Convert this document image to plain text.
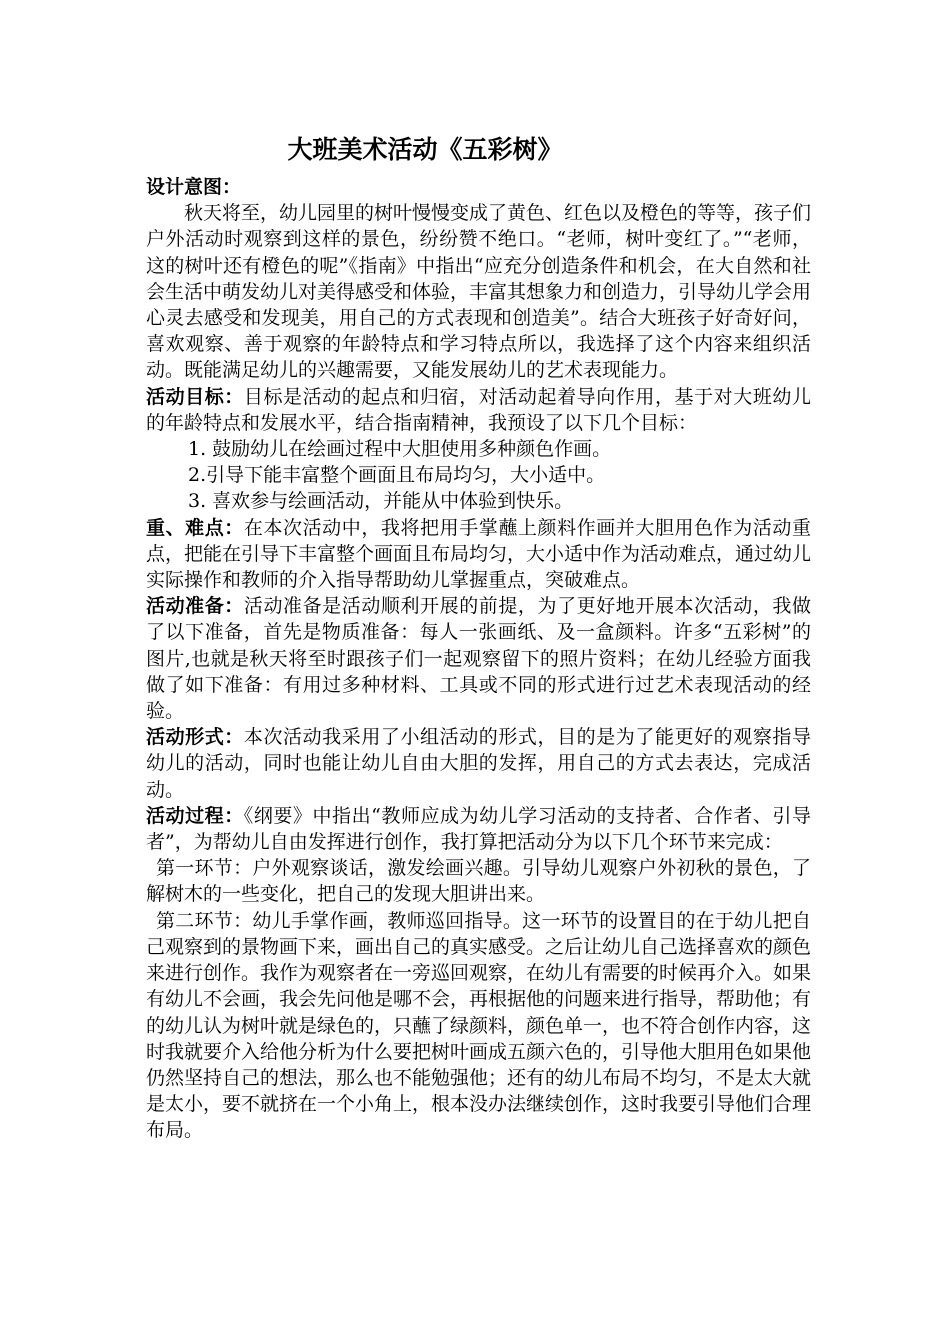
大班美术活动《五彩树》

设计意图：

秋天将至，幼儿园里的树叶慢慢变成了黄色、红色以及橙色的等等，孩子们户外活动时观察到这样的景色，纷纷赞不绝口。“老师，树叶变红了。”“老师，这的树叶还有橙色的呢”《指南》中指出“应充分创造条件和机会，在大自然和社会生活中萌发幼儿对美得感受和体验，丰富其想象力和创造力，引导幼儿学会用心灵去感受和发现美，用自己的方式表现和创造美”。结合大班孩子好奇好问，喜欢观察、善于观察的年龄特点和学习特点所以，我选择了这个内容来组织活动。既能满足幼儿的兴趣需要，又能发展幼儿的艺术表现能力。

活动目标：目标是活动的起点和归宿，对活动起着导向作用，基于对大班幼儿的年龄特点和发展水平，结合指南精神，我预设了以下几个目标：

1. 鼓励幼儿在绘画过程中大胆使用多种颜色作画。

2.引导下能丰富整个画面且布局均匀，大小适中。

3. 喜欢参与绘画活动，并能从中体验到快乐。

重、难点：在本次活动中，我将把用手掌蘸上颜料作画并大胆用色作为活动重点，把能在引导下丰富整个画面且布局均匀，大小适中作为活动难点，通过幼儿实际操作和教师的介入指导帮助幼儿掌握重点，突破难点。

活动准备：活动准备是活动顺利开展的前提，为了更好地开展本次活动，我做了以下准备，首先是物质准备：每人一张画纸、及一盒颜料。许多“五彩树”的图片,也就是秋天将至时跟孩子们一起观察留下的照片资料；在幼儿经验方面我做了如下准备：有用过多种材料、工具或不同的形式进行过艺术表现活动的经验。

活动形式：本次活动我采用了小组活动的形式，目的是为了能更好的观察指导幼儿的活动，同时也能让幼儿自由大胆的发挥，用自己的方式去表达，完成活动。

活动过程：《纲要》中指出“教师应成为幼儿学习活动的支持者、合作者、引导者”，为帮幼儿自由发挥进行创作，我打算把活动分为以下几个环节来完成：

第一环节：户外观察谈话，激发绘画兴趣。引导幼儿观察户外初秋的景色，了解树木的一些变化，把自己的发现大胆讲出来。

第二环节：幼儿手掌作画，教师巡回指导。这一环节的设置目的在于幼儿把自己观察到的景物画下来，画出自己的真实感受。之后让幼儿自己选择喜欢的颜色来进行创作。我作为观察者在一旁巡回观察，在幼儿有需要的时候再介入。如果有幼儿不会画，我会先问他是哪不会，再根据他的问题来进行指导，帮助他；有的幼儿认为树叶就是绿色的，只蘸了绿颜料，颜色单一，也不符合创作内容，这时我就要介入给他分析为什么要把树叶画成五颜六色的，引导他大胆用色如果他仍然坚持自己的想法，那么也不能勉强他；还有的幼儿布局不均匀，不是太大就是太小，要不就挤在一个小角上，根本没办法继续创作，这时我要引导他们合理布局。
